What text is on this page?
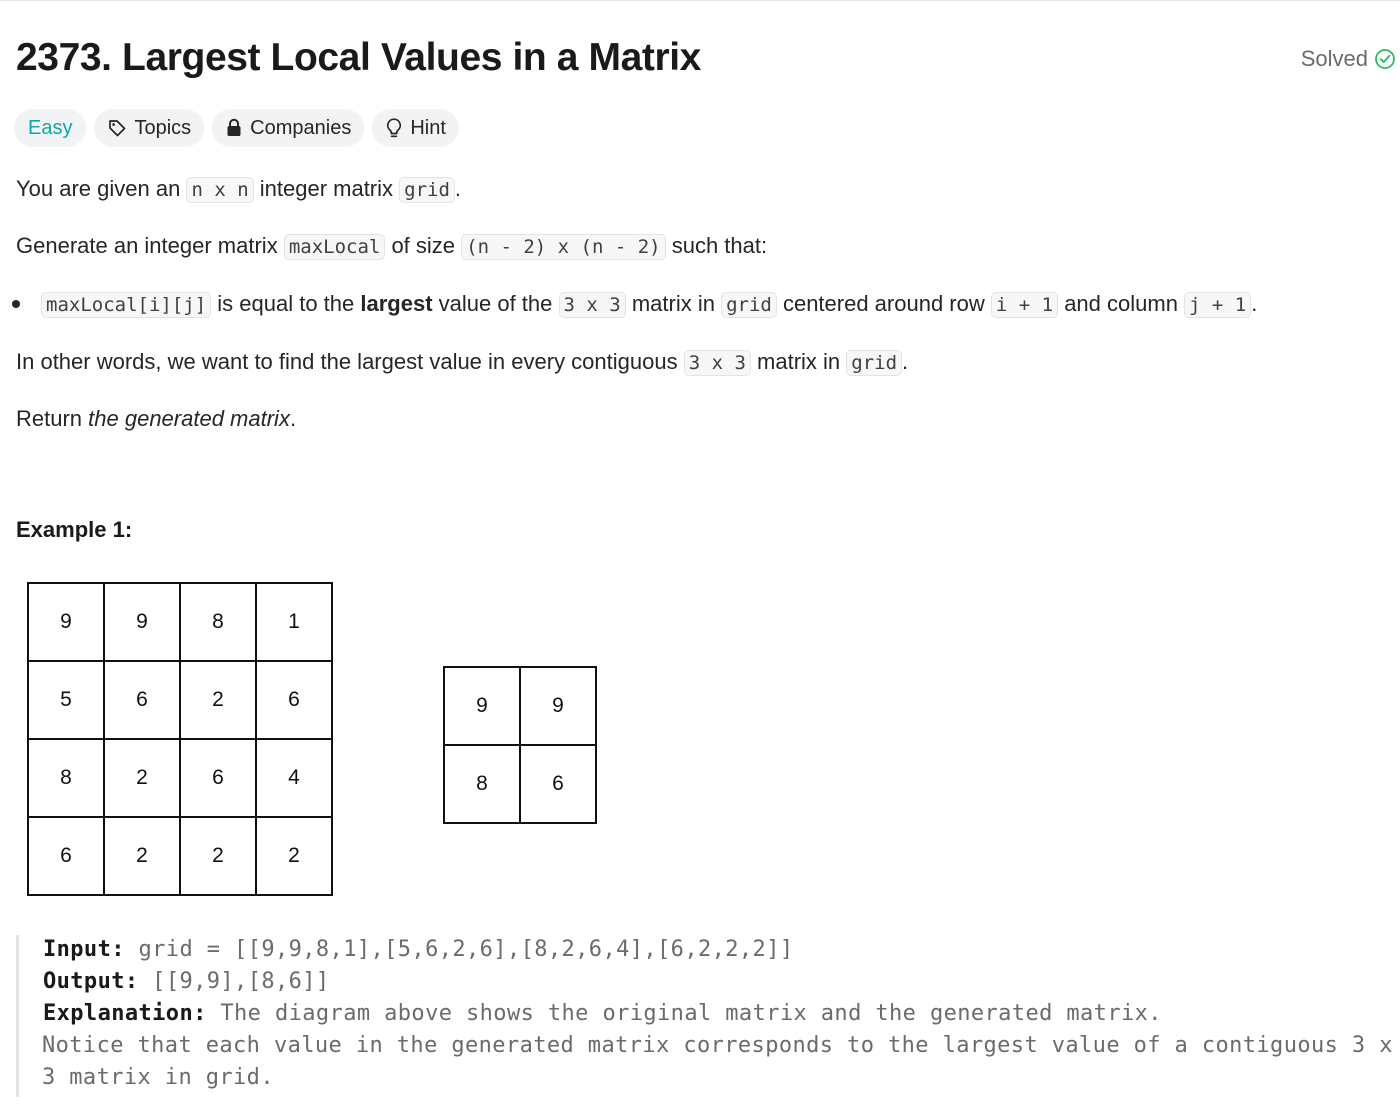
2373. Largest Local Values in a Matrix	Solved
Easy	Topics	Companies	Hint
You are given an n x n integer matrix grid .
Generate an integer matrix maxLocal of size (n - 2) x (n - 2) such that:
maxLocal[i][j] is equal to the largest value of the 3 x 3 matrix in grid centered around row i + 1 and column j + 1 .
In other words, we want to find the largest value in every contiguous 3 x 3 matrix in grid .
Return the generated matrix.
Example 1:
9	9	8	1
5	6	2	6
8	2	6	4
6	2	2	2
9	9
8	6
Input: grid = [[9,9,8,1],[5,6,2,6],[8,2,6,4],[6,2,2,2]]
Output: [[9,9],[8,6]]
Explanation: The diagram above shows the original matrix and the generated matrix.
Notice that each value in the generated matrix corresponds to the largest value of a contiguous 3 x
3 matrix in grid.
